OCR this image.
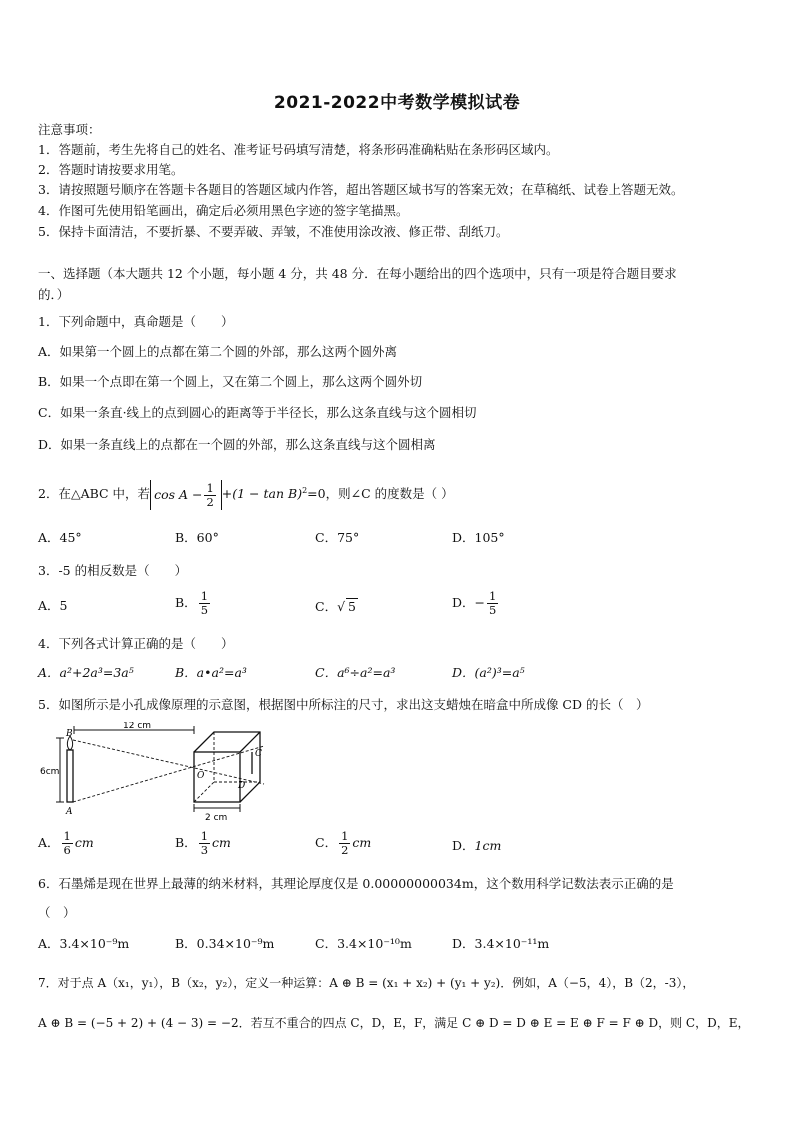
2021-2022中考数学模拟试卷
注意事项：
1．答题前，考生先将自己的姓名、准考证号码填写清楚，将条形码准确粘贴在条形码区域内。
2．答题时请按要求用笔。
3．请按照题号顺序在答题卡各题目的答题区域内作答，超出答题区域书写的答案无效；在草稿纸、试卷上答题无效。
4．作图可先使用铅笔画出，确定后必须用黑色字迹的签字笔描黑。
5．保持卡面清洁，不要折暴、不要弄破、弄皱，不准使用涂改液、修正带、刮纸刀。
一、选择题（本大题共 12 个小题，每小题 4 分，共 48 分．在每小题给出的四个选项中，只有一项是符合题目要求
的．）
1．下列命题中，真命题是（　　）
A．如果第一个圆上的点都在第二个圆的外部，那么这两个圆外离
B．如果一个点即在第一个圆上，又在第二个圆上，那么这两个圆外切
C．如果一条直·线上的点到圆心的距离等于半径长，那么这条直线与这个圆相切
D．如果一条直线上的点都在一个圆的外部，那么这条直线与这个圆相离
2．在△ABC 中，若 $\cos A - \frac{1}{2} +(1 - \tan B)^2=0$，则∠C 的度数是（ ）
A．45°	B．60°	C．75°	D．105°
3．-5 的相反数是（　　）
A．5	B． $\frac{1}{5}$	C．√ 5	D．− $\frac{1}{5}$
4．下列各式计算正确的是（　　）
A．a²+2a³=3a⁵	B．a•a²=a³	C．a⁶÷a²=a³	D．(a²)³=a⁵
5．如图所示是小孔成像原理的示意图，根据图中所标注的尺寸，求出这支蜡烛在暗盒中所成像 CD 的长（　）
6cm
B
A
12 cm
C
D
O
2 cm
A． $\frac{1}{6}$ cm	B． $\frac{1}{3}$ cm	C． $\frac{1}{2}$ cm	D．1cm
6．石墨烯是现在世界上最薄的纳米材料，其理论厚度仅是 0.00000000034m，这个数用科学记数法表示正确的是
（　）
A．3.4×10⁻⁹m	B．0.34×10⁻⁹m	C．3.4×10⁻¹⁰m	D．3.4×10⁻¹¹m
7．对于点 A（x₁，y₁），B（x₂，y₂），定义一种运算：A ⊕ B = (x₁ + x₂) + (y₁ + y₂)．例如，A（−5，4），B（2，-3），
A ⊕ B = (−5 + 2) + (4 − 3) = −2．若互不重合的四点 C，D，E，F，满足 C ⊕ D = D ⊕ E = E ⊕ F = F ⊕ D，则 C，D，E，
